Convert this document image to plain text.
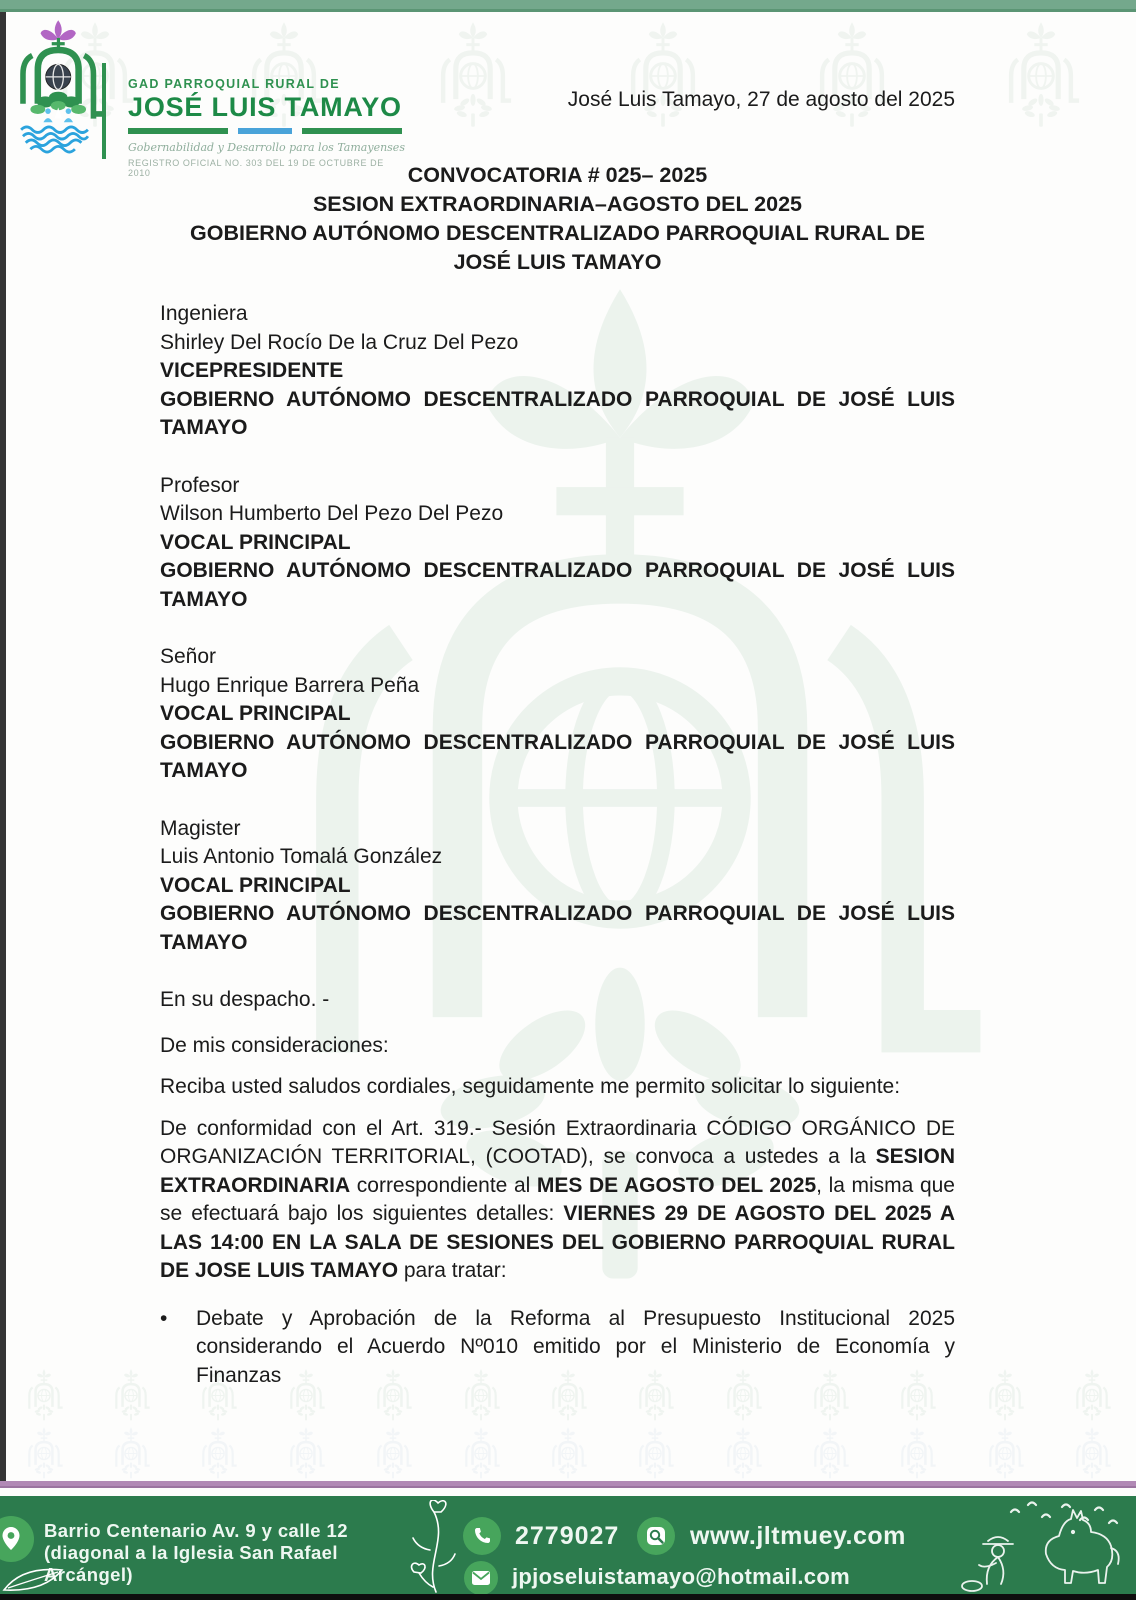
GAD PARROQUIAL RURAL DE
JOSÉ LUIS TAMAYO
Gobernabilidad y Desarrollo para los Tamayenses
REGISTRO OFICIAL NO. 303 DEL 19 DE OCTUBRE DE 2010
José Luis Tamayo, 27 de agosto del 2025
CONVOCATORIA # 025– 2025
SESION EXTRAORDINARIA–AGOSTO DEL 2025
GOBIERNO AUTÓNOMO DESCENTRALIZADO PARROQUIAL RURAL DE JOSÉ LUIS TAMAYO
Ingeniera
Shirley Del Rocío De la Cruz Del Pezo
VICEPRESIDENTE
GOBIERNO AUTÓNOMO DESCENTRALIZADO PARROQUIAL DE JOSÉ LUIS TAMAYO
Profesor
Wilson Humberto Del Pezo Del Pezo
VOCAL PRINCIPAL
GOBIERNO AUTÓNOMO DESCENTRALIZADO PARROQUIAL DE JOSÉ LUIS TAMAYO
Señor
Hugo Enrique Barrera Peña
VOCAL PRINCIPAL
GOBIERNO AUTÓNOMO DESCENTRALIZADO PARROQUIAL DE JOSÉ LUIS TAMAYO
Magister
Luis Antonio Tomalá González
VOCAL PRINCIPAL
GOBIERNO AUTÓNOMO DESCENTRALIZADO PARROQUIAL DE JOSÉ LUIS TAMAYO

En su despacho. -

De mis consideraciones:

Reciba usted saludos cordiales, seguidamente me permito solicitar lo siguiente:

De conformidad con el Art. 319.- Sesión Extraordinaria CÓDIGO ORGÁNICO DE ORGANIZACIÓN TERRITORIAL, (COOTAD), se convoca a ustedes a la SESION EXTRAORDINARIA correspondiente al MES DE AGOSTO DEL 2025, la misma que se efectuará bajo los siguientes detalles: VIERNES 29 DE AGOSTO DEL 2025 A LAS 14:00 EN LA SALA DE SESIONES DEL GOBIERNO PARROQUIAL RURAL DE JOSE LUIS TAMAYO para tratar:

•	Debate y Aprobación de la Reforma al Presupuesto Institucional 2025 considerando el Acuerdo Nº010 emitido por el Ministerio de Economía y Finanzas

Barrio Centenario Av. 9 y calle 12 (diagonal a la Iglesia San Rafael Arcángel)
2779027	www.jltmuey.com
jpjoseluistamayo@hotmail.com
